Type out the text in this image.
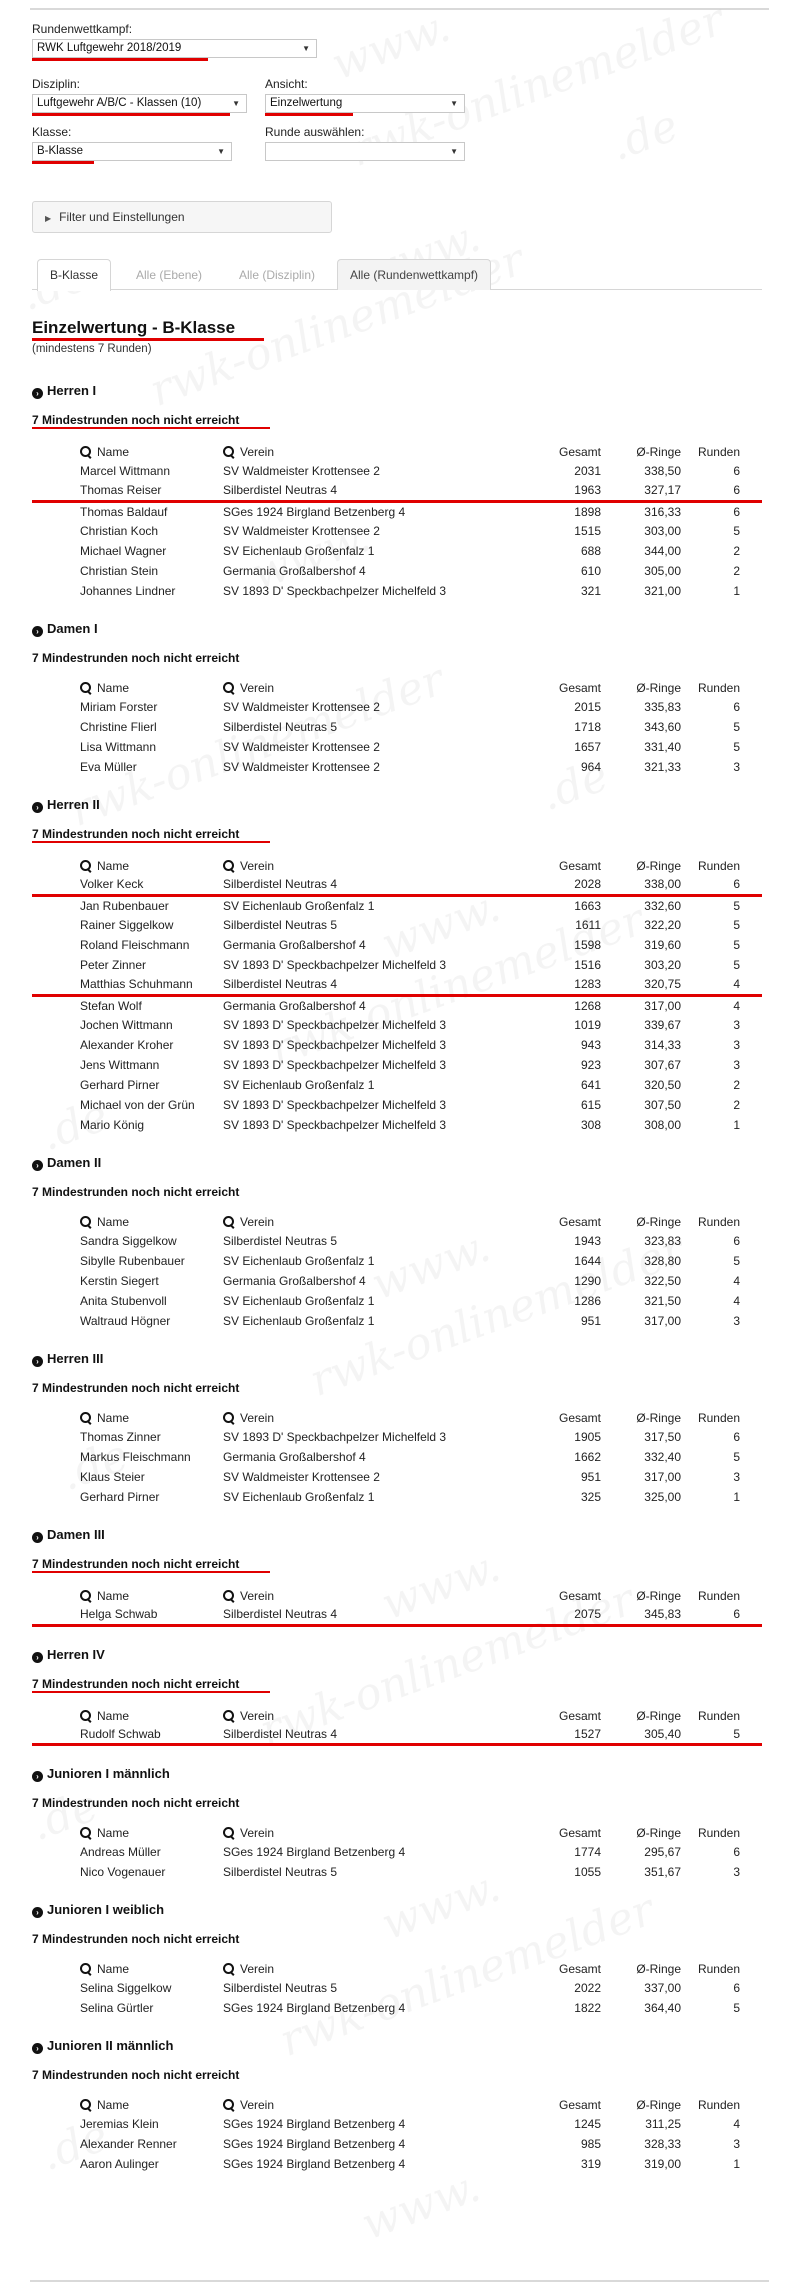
Rundenwettkampf:
RWK Luftgewehr 2018/2019	▼
Disziplin:
Luftgewehr A/B/C - Klassen (10)	▼
Ansicht:
Einzelwertung	▼
Klasse:
B-Klasse	▼
Runde auswählen:
▼
▶ Filter und Einstellungen
B-Klasse	Alle (Ebene)	Alle (Disziplin)	Alle (Rundenwettkampf)
Einzelwertung - B-Klasse
(mindestens 7 Runden)
› Herren I
7 Mindestrunden noch nicht erreicht
Name	Verein	Gesamt	Ø-Ringe	Runden
Marcel Wittmann	SV Waldmeister Krottensee 2	2031	338,50	6
Thomas Reiser	Silberdistel Neutras 4	1963	327,17	6
Thomas Baldauf	SGes 1924 Birgland Betzenberg 4	1898	316,33	6
Christian Koch	SV Waldmeister Krottensee 2	1515	303,00	5
Michael Wagner	SV Eichenlaub Großenfalz 1	688	344,00	2
Christian Stein	Germania Großalbershof 4	610	305,00	2
Johannes Lindner	SV 1893 D' Speckbachpelzer Michelfeld 3	321	321,00	1
› Damen I
7 Mindestrunden noch nicht erreicht
Name	Verein	Gesamt	Ø-Ringe	Runden
Miriam Forster	SV Waldmeister Krottensee 2	2015	335,83	6
Christine Flierl	Silberdistel Neutras 5	1718	343,60	5
Lisa Wittmann	SV Waldmeister Krottensee 2	1657	331,40	5
Eva Müller	SV Waldmeister Krottensee 2	964	321,33	3
› Herren II
7 Mindestrunden noch nicht erreicht
Name	Verein	Gesamt	Ø-Ringe	Runden
Volker Keck	Silberdistel Neutras 4	2028	338,00	6
Jan Rubenbauer	SV Eichenlaub Großenfalz 1	1663	332,60	5
Rainer Siggelkow	Silberdistel Neutras 5	1611	322,20	5
Roland Fleischmann	Germania Großalbershof 4	1598	319,60	5
Peter Zinner	SV 1893 D' Speckbachpelzer Michelfeld 3	1516	303,20	5
Matthias Schuhmann	Silberdistel Neutras 4	1283	320,75	4
Stefan Wolf	Germania Großalbershof 4	1268	317,00	4
Jochen Wittmann	SV 1893 D' Speckbachpelzer Michelfeld 3	1019	339,67	3
Alexander Kroher	SV 1893 D' Speckbachpelzer Michelfeld 3	943	314,33	3
Jens Wittmann	SV 1893 D' Speckbachpelzer Michelfeld 3	923	307,67	3
Gerhard Pirner	SV Eichenlaub Großenfalz 1	641	320,50	2
Michael von der Grün	SV 1893 D' Speckbachpelzer Michelfeld 3	615	307,50	2
Mario König	SV 1893 D' Speckbachpelzer Michelfeld 3	308	308,00	1
› Damen II
7 Mindestrunden noch nicht erreicht
Name	Verein	Gesamt	Ø-Ringe	Runden
Sandra Siggelkow	Silberdistel Neutras 5	1943	323,83	6
Sibylle Rubenbauer	SV Eichenlaub Großenfalz 1	1644	328,80	5
Kerstin Siegert	Germania Großalbershof 4	1290	322,50	4
Anita Stubenvoll	SV Eichenlaub Großenfalz 1	1286	321,50	4
Waltraud Högner	SV Eichenlaub Großenfalz 1	951	317,00	3
› Herren III
7 Mindestrunden noch nicht erreicht
Name	Verein	Gesamt	Ø-Ringe	Runden
Thomas Zinner	SV 1893 D' Speckbachpelzer Michelfeld 3	1905	317,50	6
Markus Fleischmann	Germania Großalbershof 4	1662	332,40	5
Klaus Steier	SV Waldmeister Krottensee 2	951	317,00	3
Gerhard Pirner	SV Eichenlaub Großenfalz 1	325	325,00	1
› Damen III
7 Mindestrunden noch nicht erreicht
Name	Verein	Gesamt	Ø-Ringe	Runden
Helga Schwab	Silberdistel Neutras 4	2075	345,83	6
› Herren IV
7 Mindestrunden noch nicht erreicht
Name	Verein	Gesamt	Ø-Ringe	Runden
Rudolf Schwab	Silberdistel Neutras 4	1527	305,40	5
› Junioren I männlich
7 Mindestrunden noch nicht erreicht
Name	Verein	Gesamt	Ø-Ringe	Runden
Andreas Müller	SGes 1924 Birgland Betzenberg 4	1774	295,67	6
Nico Vogenauer	Silberdistel Neutras 5	1055	351,67	3
› Junioren I weiblich
7 Mindestrunden noch nicht erreicht
Name	Verein	Gesamt	Ø-Ringe	Runden
Selina Siggelkow	Silberdistel Neutras 5	2022	337,00	6
Selina Gürtler	SGes 1924 Birgland Betzenberg 4	1822	364,40	5
› Junioren II männlich
7 Mindestrunden noch nicht erreicht
Name	Verein	Gesamt	Ø-Ringe	Runden
Jeremias Klein	SGes 1924 Birgland Betzenberg 4	1245	311,25	4
Alexander Renner	SGes 1924 Birgland Betzenberg 4	985	328,33	3
Aaron Aulinger	SGes 1924 Birgland Betzenberg 4	319	319,00	1
